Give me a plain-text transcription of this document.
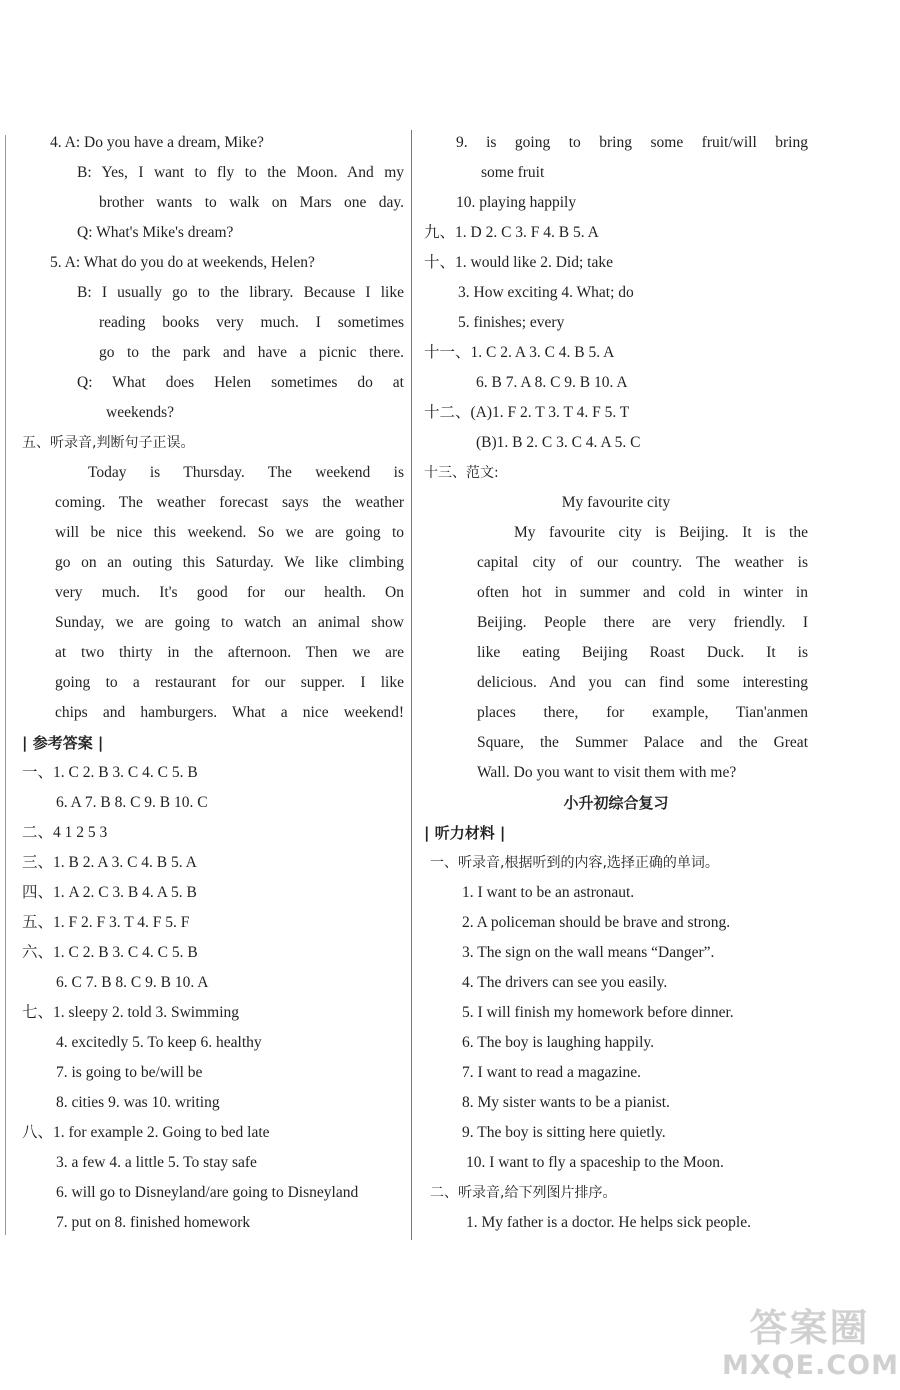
4. A: Do you have a dream, Mike?
B: Yes, I want to fly to the Moon. And my
brother wants to walk on Mars one day.
Q: What's Mike's dream?
5. A: What do you do at weekends, Helen?
B: I usually go to the library. Because I like
reading books very much. I sometimes
go to the park and have a picnic there.
Q: What does Helen sometimes do at
weekends?
五、听录音,判断句子正误。
Today is Thursday. The weekend is
coming. The weather forecast says the weather
will be nice this weekend. So we are going to
go on an outing this Saturday. We like climbing
very much. It's good for our health. On
Sunday, we are going to watch an animal show
at two thirty in the afternoon. Then we are
going to a restaurant for our supper. I like
chips and hamburgers. What a nice weekend!
| 参考答案 |
一、1. C 2. B 3. C 4. C 5. B
6. A 7. B 8. C 9. B 10. C
二、4 1 2 5 3
三、1. B 2. A 3. C 4. B 5. A
四、1. A 2. C 3. B 4. A 5. B
五、1. F 2. F 3. T 4. F 5. F
六、1. C 2. B 3. C 4. C 5. B
6. C 7. B 8. C 9. B 10. A
七、1. sleepy 2. told 3. Swimming
4. excitedly 5. To keep 6. healthy
7. is going to be/will be
8. cities 9. was 10. writing
八、1. for example 2. Going to bed late
3. a few 4. a little 5. To stay safe
6. will go to Disneyland/are going to Disneyland
7. put on 8. finished homework
9. is going to bring some fruit/will bring
some fruit
10. playing happily
九、1. D 2. C 3. F 4. B 5. A
十、1. would like 2. Did; take
3. How exciting 4. What; do
5. finishes; every
十一、1. C 2. A 3. C 4. B 5. A
6. B 7. A 8. C 9. B 10. A
十二、(A)1. F 2. T 3. T 4. F 5. T
(B)1. B 2. C 3. C 4. A 5. C
十三、范文:
My favourite city
My favourite city is Beijing. It is the
capital city of our country. The weather is
often hot in summer and cold in winter in
Beijing. People there are very friendly. I
like eating Beijing Roast Duck. It is
delicious. And you can find some interesting
places there, for example, Tian'anmen
Square, the Summer Palace and the Great
Wall. Do you want to visit them with me?
小升初综合复习
| 听力材料 |
一、听录音,根据听到的内容,选择正确的单词。
1. I want to be an astronaut.
2. A policeman should be brave and strong.
3. The sign on the wall means “Danger”.
4. The drivers can see you easily.
5. I will finish my homework before dinner.
6. The boy is laughing happily.
7. I want to read a magazine.
8. My sister wants to be a pianist.
9. The boy is sitting here quietly.
10. I want to fly a spaceship to the Moon.
二、听录音,给下列图片排序。
1. My father is a doctor. He helps sick people.
答案圈
MXQE.COM
